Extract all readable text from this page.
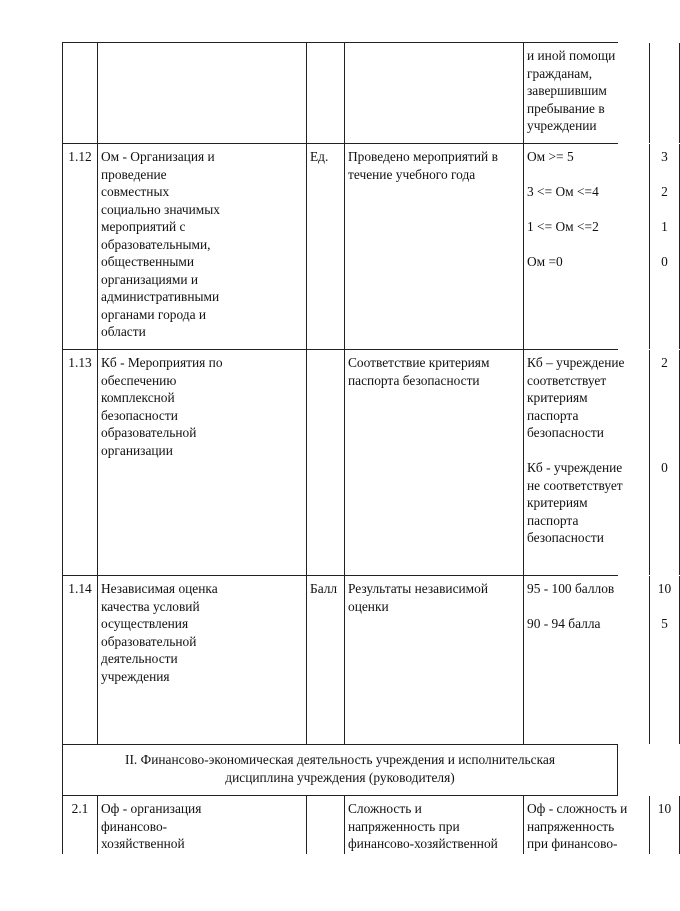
и иной помощи
гражданам,
завершившим
пребывание в
учреждении
1.12 Ом - Организация и
проведение
совместных
социально значимых
мероприятий с
образовательными,
общественными
организациями и
административными
органами города и
области
Ед.	Проведено мероприятий в
течение учебного года
Ом >= 5
3 <= Ом <=4
1 <= Ом <=2
Ом =0
3
2
1
0
1.13 Кб - Мероприятия по
обеспечению
комплексной
безопасности
образовательной
организации
Соответствие критериям
паспорта безопасности
Кб – учреждение
соответствует
критериям
паспорта
безопасности
Кб - учреждение
не соответствует
критериям
паспорта
безопасности
2
0
1.14 Независимая оценка
качества условий
осуществления
образовательной
деятельности
учреждения
Балл Результаты независимой
оценки
95 - 100 баллов
90 - 94 балла
10
5
II. Финансово-экономическая деятельность учреждения и исполнительская
дисциплина учреждения (руководителя)
2.1 Оф - организация
финансово-
хозяйственной
Сложность и
напряженность при
финансово-хозяйственной
Оф - сложность и
напряженность
при финансово-
10
